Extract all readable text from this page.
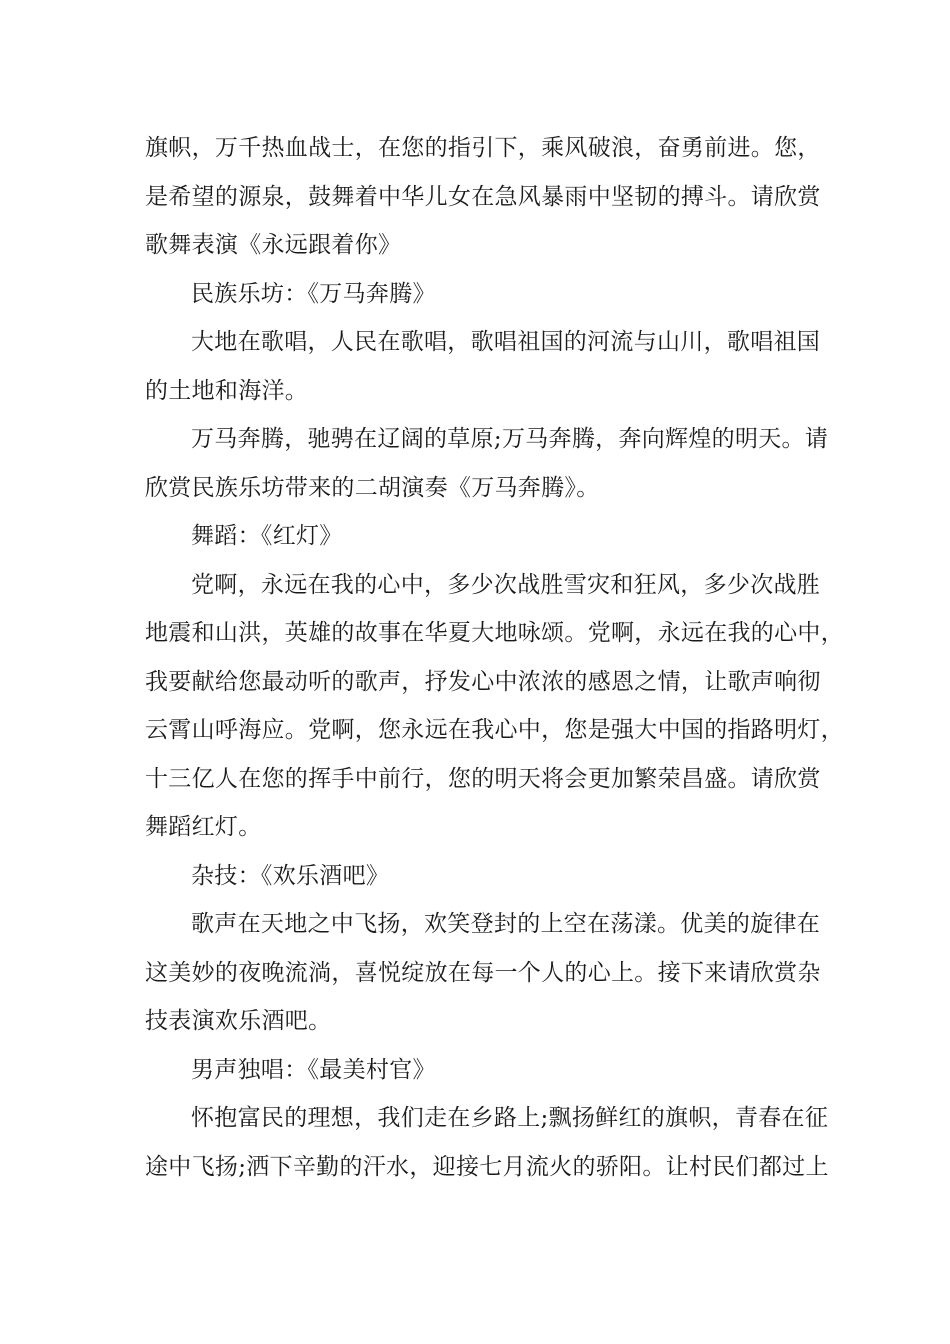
旗帜，万千热血战士，在您的指引下，乘风破浪，奋勇前进。您，
是希望的源泉，鼓舞着中华儿女在急风暴雨中坚韧的搏斗。请欣赏
歌舞表演《永远跟着你》
民族乐坊：《万马奔腾》
大地在歌唱，人民在歌唱，歌唱祖国的河流与山川，歌唱祖国
的土地和海洋。
万马奔腾，驰骋在辽阔的草原;万马奔腾，奔向辉煌的明天。请
欣赏民族乐坊带来的二胡演奏《万马奔腾》。
舞蹈：《红灯》
党啊，永远在我的心中，多少次战胜雪灾和狂风，多少次战胜
地震和山洪，英雄的故事在华夏大地咏颂。党啊，永远在我的心中，
我要献给您最动听的歌声，抒发心中浓浓的感恩之情，让歌声响彻
云霄山呼海应。党啊，您永远在我心中，您是强大中国的指路明灯，
十三亿人在您的挥手中前行，您的明天将会更加繁荣昌盛。请欣赏
舞蹈红灯。
杂技：《欢乐酒吧》
歌声在天地之中飞扬，欢笑登封的上空在荡漾。优美的旋律在
这美妙的夜晚流淌，喜悦绽放在每一个人的心上。接下来请欣赏杂
技表演欢乐酒吧。
男声独唱：《最美村官》
怀抱富民的理想，我们走在乡路上;飘扬鲜红的旗帜，青春在征
途中飞扬;洒下辛勤的汗水，迎接七月流火的骄阳。让村民们都过上
